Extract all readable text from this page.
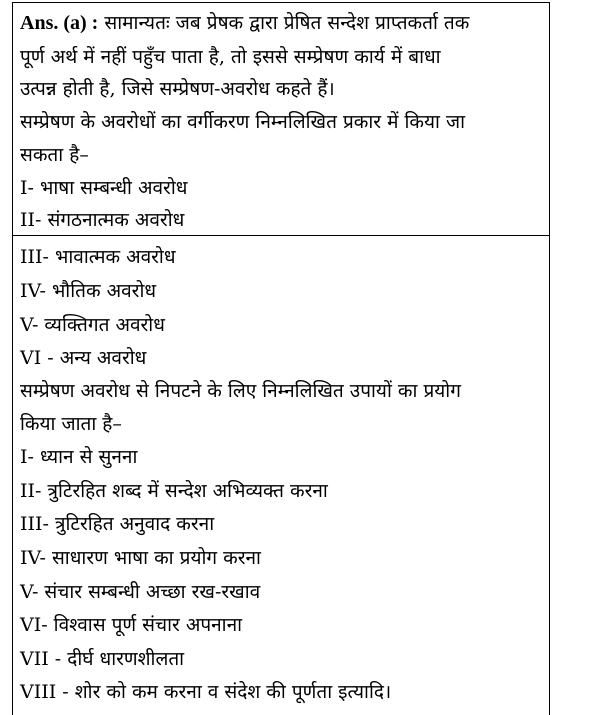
Ans. (a) : सामान्यतः जब प्रेषक द्वारा प्रेषित सन्देश प्राप्तकर्ता तक
पूर्ण अर्थ में नहीं पहुँच पाता है, तो इससे सम्प्रेषण कार्य में बाधा
उत्पन्न होती है, जिसे सम्प्रेषण-अवरोध कहते हैं।
सम्प्रेषण के अवरोधों का वर्गीकरण निम्नलिखित प्रकार में किया जा
सकता है–
I- भाषा सम्बन्धी अवरोध
II- संगठनात्मक अवरोध
III- भावात्मक अवरोध
IV- भौतिक अवरोध
V- व्यक्तिगत अवरोध
VI - अन्य अवरोध
सम्प्रेषण अवरोध से निपटने के लिए निम्नलिखित उपायों का प्रयोग
किया जाता है–
I- ध्यान से सुनना
II- त्रुटिरहित शब्द में सन्देश अभिव्यक्त करना
III- त्रुटिरहित अनुवाद करना
IV- साधारण भाषा का प्रयोग करना
V- संचार सम्बन्धी अच्छा रख-रखाव
VI- विश्वास पूर्ण संचार अपनाना
VII - दीर्घ धारणशीलता
VIII - शोर को कम करना व संदेश की पूर्णता इत्यादि।
